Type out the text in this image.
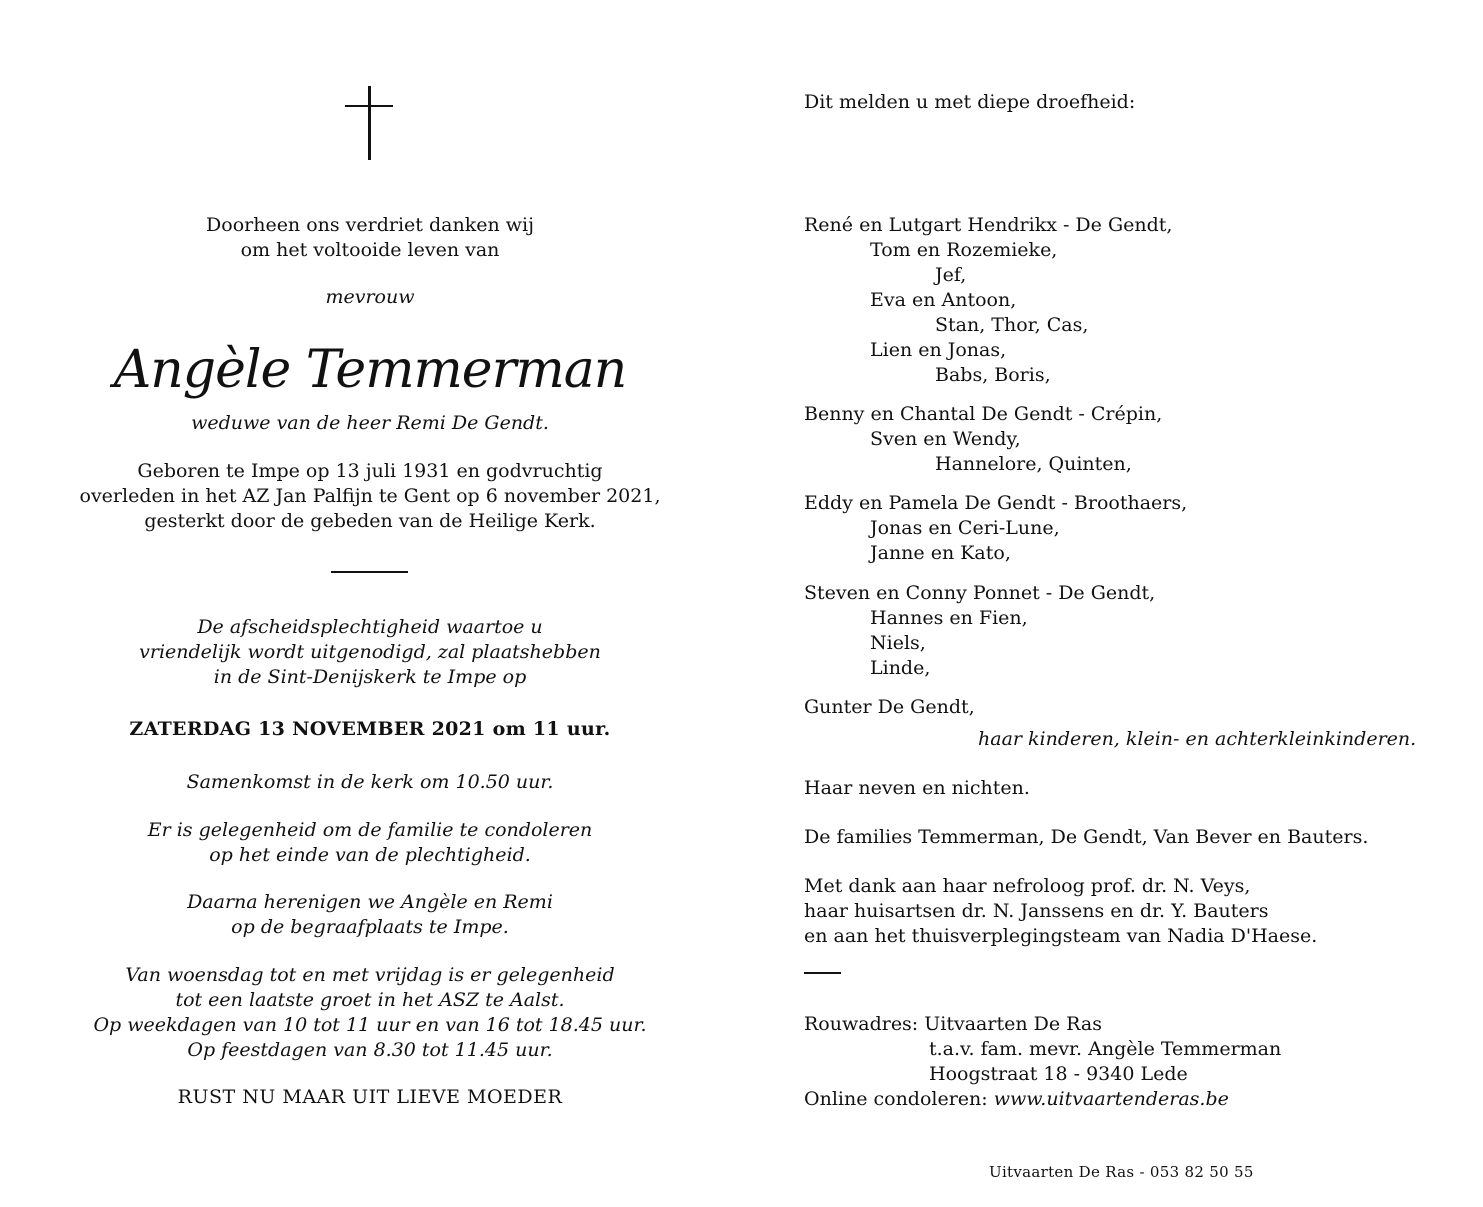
Doorheen ons verdriet danken wij
om het voltooide leven van
mevrouw
Angèle Temmerman
weduwe van de heer Remi De Gendt.
Geboren te Impe op 13 juli 1931 en godvruchtig
overleden in het AZ Jan Palfijn te Gent op 6 november 2021,
gesterkt door de gebeden van de Heilige Kerk.
De afscheidsplechtigheid waartoe u
vriendelijk wordt uitgenodigd, zal plaatshebben
in de Sint-Denijskerk te Impe op
ZATERDAG 13 NOVEMBER 2021 om 11 uur.
Samenkomst in de kerk om 10.50 uur.
Er is gelegenheid om de familie te condoleren
op het einde van de plechtigheid.
Daarna herenigen we Angèle en Remi
op de begraafplaats te Impe.
Van woensdag tot en met vrijdag is er gelegenheid
tot een laatste groet in het ASZ te Aalst.
Op weekdagen van 10 tot 11 uur en van 16 tot 18.45 uur.
Op feestdagen van 8.30 tot 11.45 uur.
RUST NU MAAR UIT LIEVE MOEDER
Dit melden u met diepe droefheid:
René en Lutgart Hendrikx - De Gendt,
Tom en Rozemieke,
Jef,
Eva en Antoon,
Stan, Thor, Cas,
Lien en Jonas,
Babs, Boris,
Benny en Chantal De Gendt - Crépin,
Sven en Wendy,
Hannelore, Quinten,
Eddy en Pamela De Gendt - Broothaers,
Jonas en Ceri-Lune,
Janne en Kato,
Steven en Conny Ponnet - De Gendt,
Hannes en Fien,
Niels,
Linde,
Gunter De Gendt,
haar kinderen, klein- en achterkleinkinderen.
Haar neven en nichten.
De families Temmerman, De Gendt, Van Bever en Bauters.
Met dank aan haar nefroloog prof. dr. N. Veys,
haar huisartsen dr. N. Janssens en dr. Y. Bauters
en aan het thuisverplegingsteam van Nadia D'Haese.
Rouwadres: Uitvaarten De Ras
t.a.v. fam. mevr. Angèle Temmerman
Hoogstraat 18 - 9340 Lede
Online condoleren: www.uitvaartenderas.be
Uitvaarten De Ras - 053 82 50 55
